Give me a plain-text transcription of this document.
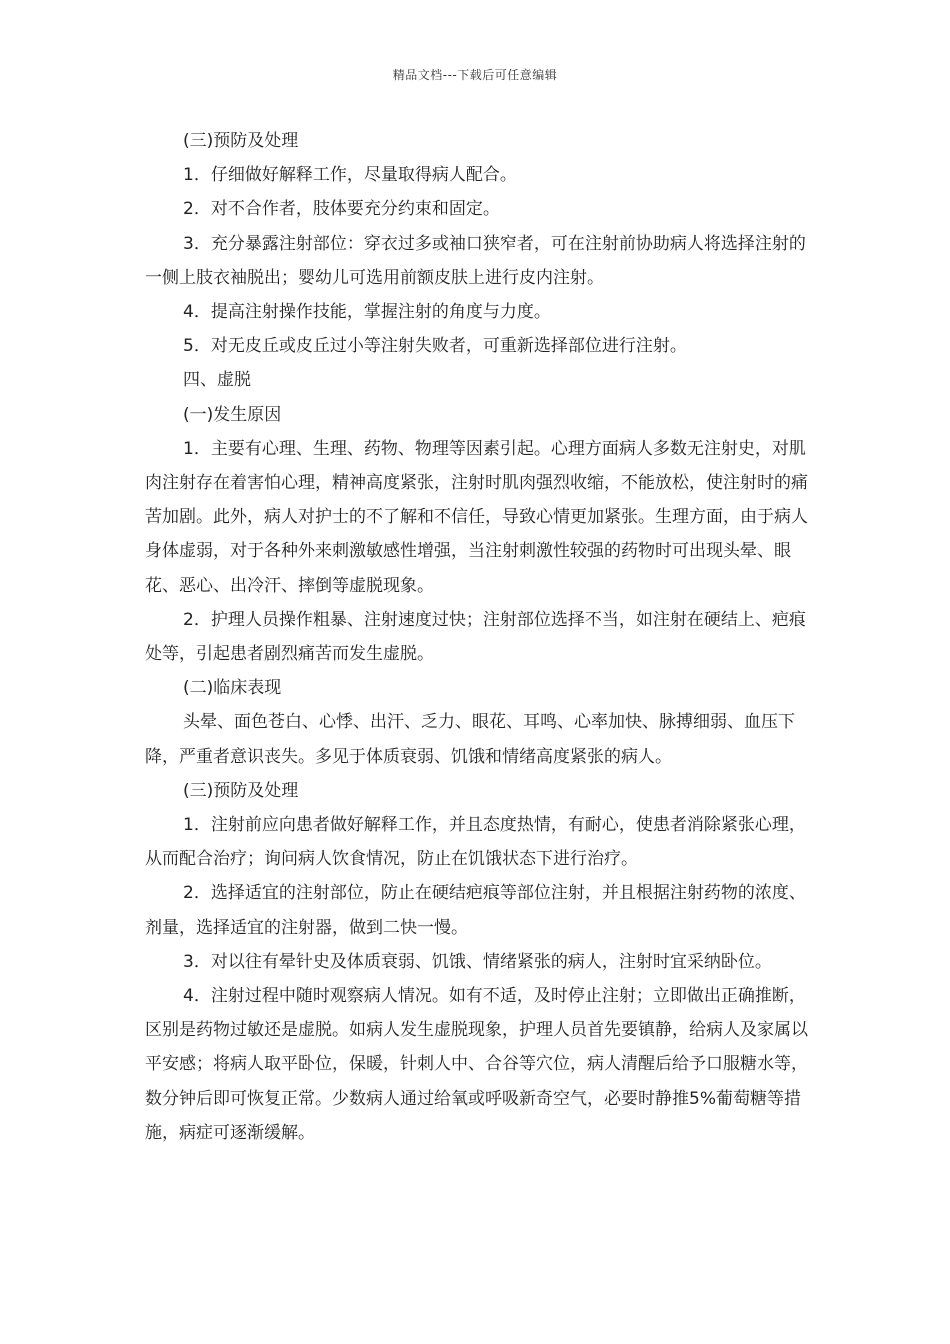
精品文档---下载后可任意编辑

(三)预防及处理

1．仔细做好解释工作，尽量取得病人配合。

2．对不合作者，肢体要充分约束和固定。

3．充分暴露注射部位：穿衣过多或袖口狭窄者，可在注射前协助病人将选择注射的一侧上肢衣袖脱出；婴幼儿可选用前额皮肤上进行皮内注射。

4．提高注射操作技能，掌握注射的角度与力度。

5．对无皮丘或皮丘过小等注射失败者，可重新选择部位进行注射。

四、虚脱

(一)发生原因

1．主要有心理、生理、药物、物理等因素引起。心理方面病人多数无注射史，对肌肉注射存在着害怕心理，精神高度紧张，注射时肌肉强烈收缩，不能放松，使注射时的痛苦加剧。此外，病人对护士的不了解和不信任，导致心情更加紧张。生理方面，由于病人身体虚弱，对于各种外来刺激敏感性增强，当注射刺激性较强的药物时可出现头晕、眼花、恶心、出冷汗、摔倒等虚脱现象。

2．护理人员操作粗暴、注射速度过快；注射部位选择不当，如注射在硬结上、疤痕处等，引起患者剧烈痛苦而发生虚脱。

(二)临床表现

头晕、面色苍白、心悸、出汗、乏力、眼花、耳鸣、心率加快、脉搏细弱、血压下降，严重者意识丧失。多见于体质衰弱、饥饿和情绪高度紧张的病人。

(三)预防及处理

1．注射前应向患者做好解释工作，并且态度热情，有耐心，使患者消除紧张心理，从而配合治疗；询问病人饮食情况，防止在饥饿状态下进行治疗。

2．选择适宜的注射部位，防止在硬结疤痕等部位注射，并且根据注射药物的浓度、剂量，选择适宜的注射器，做到二快一慢。

3．对以往有晕针史及体质衰弱、饥饿、情绪紧张的病人，注射时宜采纳卧位。

4．注射过程中随时观察病人情况。如有不适，及时停止注射；立即做出正确推断，区别是药物过敏还是虚脱。如病人发生虚脱现象，护理人员首先要镇静，给病人及家属以平安感；将病人取平卧位，保暖，针刺人中、合谷等穴位，病人清醒后给予口服糖水等，数分钟后即可恢复正常。少数病人通过给氧或呼吸新奇空气，必要时静推5%葡萄糖等措施，病症可逐渐缓解。
